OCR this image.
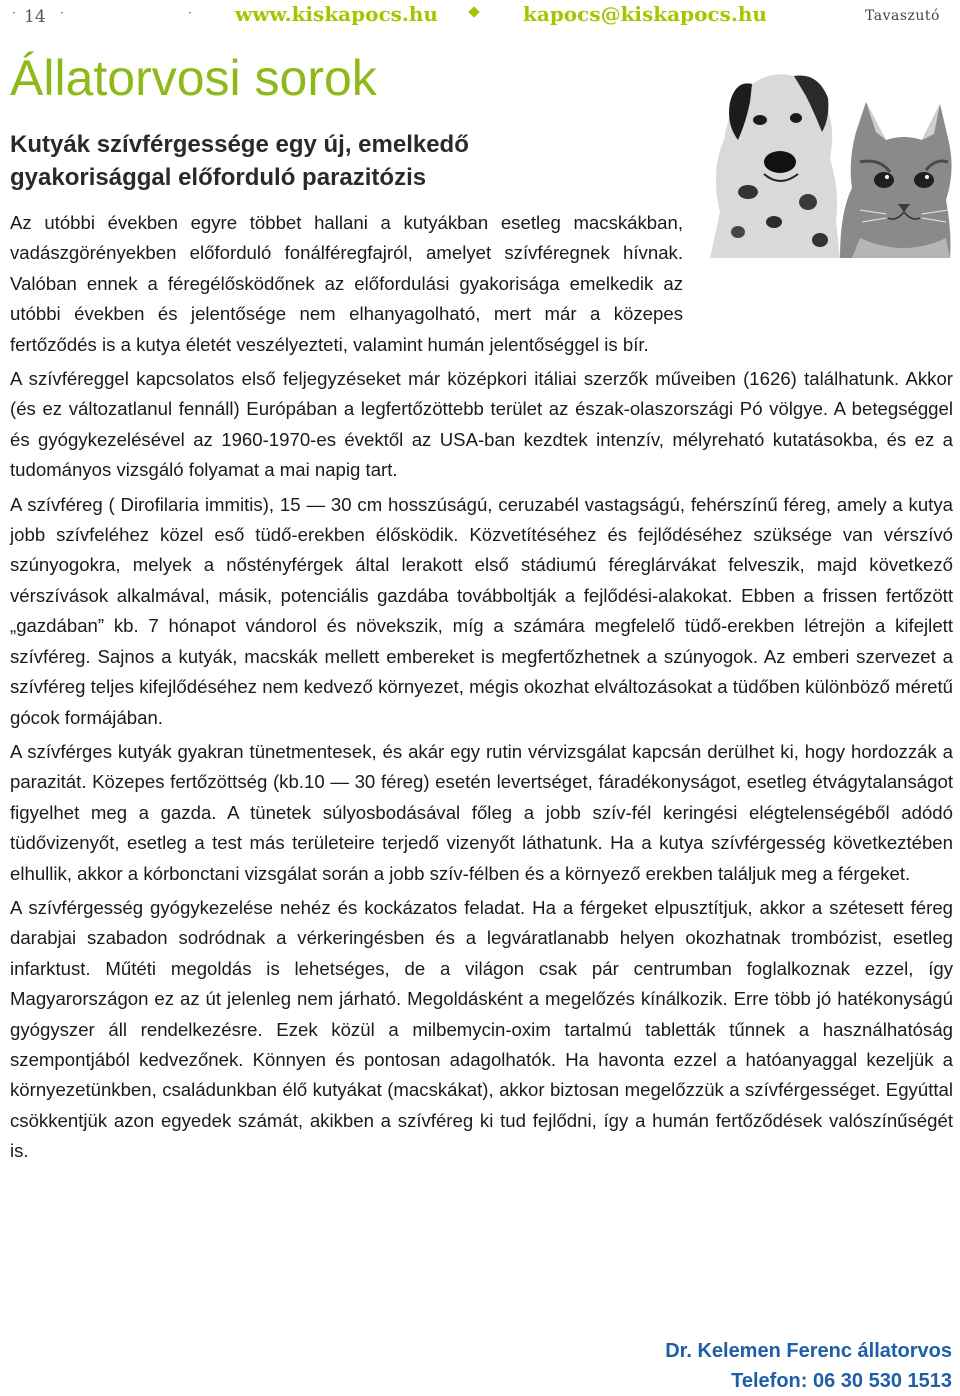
· 14 ·	· www.kiskapocs.hu	kapocs@kiskapocs.hu	Tavaszutó
Állatorvosi sorok
Kutyák szívférgessége egy új, emelkedő gyakorisággal előforduló parazitózis

Az utóbbi években egyre többet hallani a kutyákban esetleg macskákban, vadászgörényekben előforduló fonálféregfajról, amelyet szívféregnek hívnak. Valóban ennek a féregélősködőnek az előfordulási gyakorisága emelkedik az utóbbi években és jelentősége nem elhanyagolható, mert már a közepes fertőződés is a kutya életét veszélyezteti, valamint humán jelentőséggel is bír.

A szívféreggel kapcsolatos első feljegyzéseket már középkori itáliai szerzők műveiben (1626) találhatunk. Akkor (és ez változatlanul fennáll) Európában a legfertőzöttebb terület az észak-olaszországi Pó völgye. A betegséggel és gyógykezelésével az 1960-1970-es évektől az USA-ban kezdtek intenzív, mélyreható kutatásokba, és ez a tudományos vizsgáló folyamat a mai napig tart.

A szívféreg ( Dirofilaria immitis), 15 — 30 cm hosszúságú, ceruzabél vastagságú, fehérszínű féreg, amely a kutya jobb szívfeléhez közel eső tüdő-erekben élősködik. Közvetítéséhez és fejlődéséhez szüksége van vérszívó szúnyogokra, melyek a nőstényférgek által lerakott első stádiumú féreglárvákat felveszik, majd következő vérszívások alkalmával, másik, potenciális gazdába továbboltják a fejlődési-alakokat. Ebben a frissen fertőzött „gazdában” kb. 7 hónapot vándorol és növekszik, míg a számára megfelelő tüdő-erekben létrejön a kifejlett szívféreg. Sajnos a kutyák, macskák mellett embereket is megfertőzhetnek a szúnyogok. Az emberi szervezet a szívféreg teljes kifejlődéséhez nem kedvező környezet, mégis okozhat elváltozásokat a tüdőben különböző méretű gócok formájában.

A szívférges kutyák gyakran tünetmentesek, és akár egy rutin vérvizsgálat kapcsán derülhet ki, hogy hordozzák a parazitát. Közepes fertőzöttség (kb.10 — 30 féreg) esetén levertséget, fáradékonyságot, esetleg étvágytalanságot figyelhet meg a gazda. A tünetek súlyosbodásával főleg a jobb szív-fél keringési elégtelenségéből adódó tüdővizenyőt, esetleg a test más területeire terjedő vizenyőt láthatunk. Ha a kutya szívférgesség következtében elhullik, akkor a kórbonctani vizsgálat során a jobb szív-félben és a környező erekben találjuk meg a férgeket.

A szívférgesség gyógykezelése nehéz és kockázatos feladat. Ha a férgeket elpusztítjuk, akkor a szétesett féreg darabjai szabadon sodródnak a vérkeringésben és a legváratlanabb helyen okozhatnak trombózist, esetleg infarktust. Műtéti megoldás is lehetséges, de a világon csak pár centrumban foglalkoznak ezzel, így Magyarországon ez az út jelenleg nem járható. Megoldásként a megelőzés kínálkozik. Erre több jó hatékonyságú gyógyszer áll rendelkezésre. Ezek közül a milbemycin-oxim tartalmú tabletták tűnnek a használhatóság szempontjából kedvezőnek. Könnyen és pontosan adagolhatók. Ha havonta ezzel a hatóanyaggal kezeljük a környezetünkben, családunkban élő kutyákat (macskákat), akkor biztosan megelőzzük a szívférgességet. Egyúttal csökkentjük azon egyedek számát, akikben a szívféreg ki tud fejlődni, így a humán fertőződések valószínűségét is.

Dr. Kelemen Ferenc állatorvos
Telefon: 06 30 530 1513
